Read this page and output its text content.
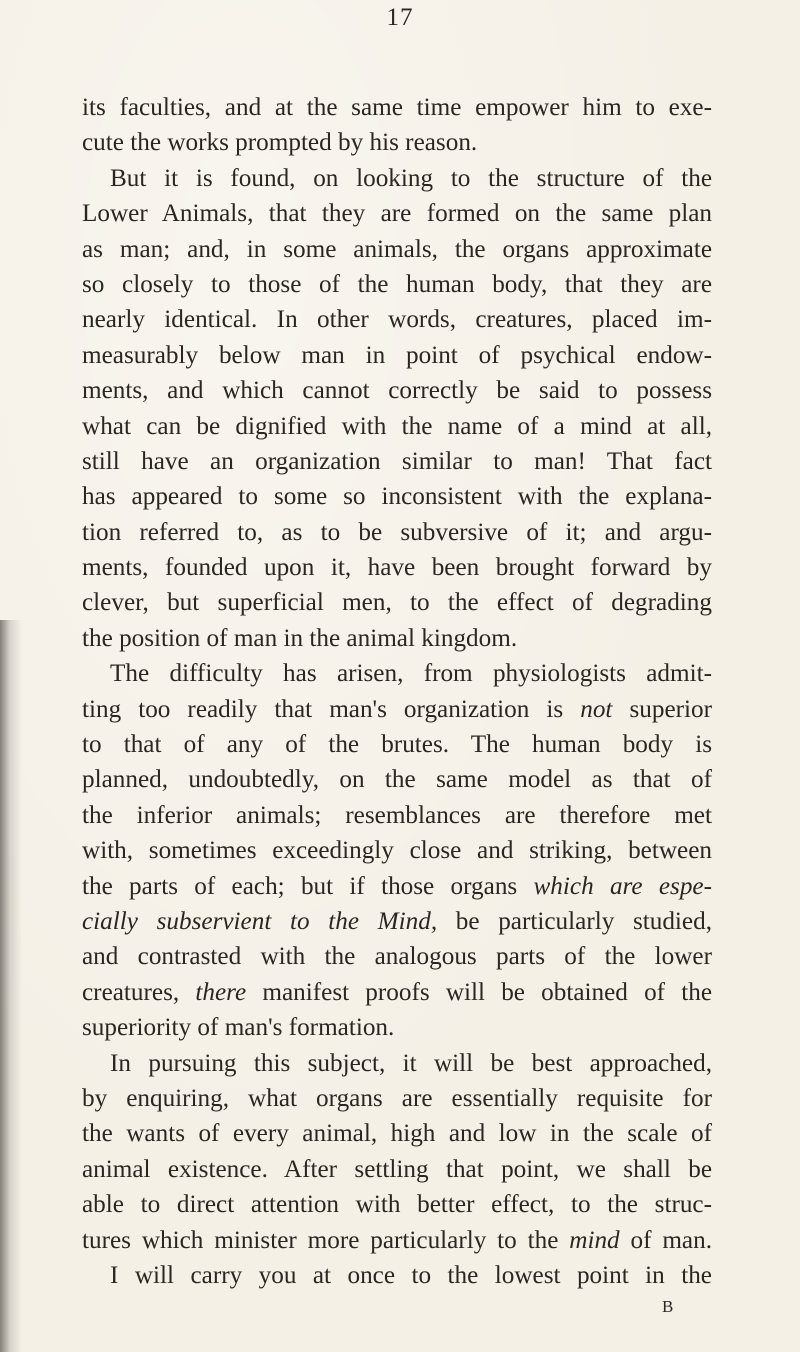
17
its faculties, and at the same time empower him to exe-
cute the works prompted by his reason.
But it is found, on looking to the structure of the
Lower Animals, that they are formed on the same plan
as man; and, in some animals, the organs approximate
so closely to those of the human body, that they are
nearly identical. In other words, creatures, placed im-
measurably below man in point of psychical endow-
ments, and which cannot correctly be said to possess
what can be dignified with the name of a mind at all,
still have an organization similar to man! That fact
has appeared to some so inconsistent with the explana-
tion referred to, as to be subversive of it; and argu-
ments, founded upon it, have been brought forward by
clever, but superficial men, to the effect of degrading
the position of man in the animal kingdom.
The difficulty has arisen, from physiologists admit-
ting too readily that man's organization is not superior
to that of any of the brutes. The human body is
planned, undoubtedly, on the same model as that of
the inferior animals; resemblances are therefore met
with, sometimes exceedingly close and striking, between
the parts of each; but if those organs which are espe-
cially subservient to the Mind, be particularly studied,
and contrasted with the analogous parts of the lower
creatures, there manifest proofs will be obtained of the
superiority of man's formation.
In pursuing this subject, it will be best approached,
by enquiring, what organs are essentially requisite for
the wants of every animal, high and low in the scale of
animal existence. After settling that point, we shall be
able to direct attention with better effect, to the struc-
tures which minister more particularly to the mind of man.
I will carry you at once to the lowest point in the
B
